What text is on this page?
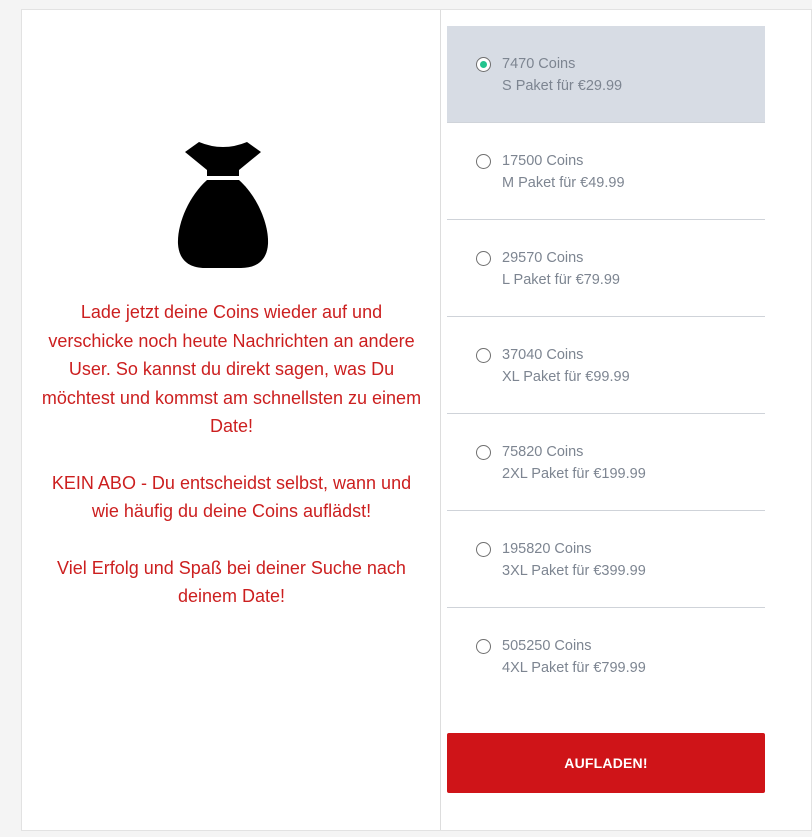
Lade jetzt deine Coins wieder auf und verschicke noch heute Nachrichten an andere User. So kannst du direkt sagen, was Du möchtest und kommst am schnellsten zu einem Date!

KEIN ABO - Du entscheidst selbst, wann und wie häufig du deine Coins auflädst!

Viel Erfolg und Spaß bei deiner Suche nach deinem Date!

7470 Coins
S Paket für €29.99
17500 Coins
M Paket für €49.99
29570 Coins
L Paket für €79.99
37040 Coins
XL Paket für €99.99
75820 Coins
2XL Paket für €199.99
195820 Coins
3XL Paket für €399.99
505250 Coins
4XL Paket für €799.99
AUFLADEN!
